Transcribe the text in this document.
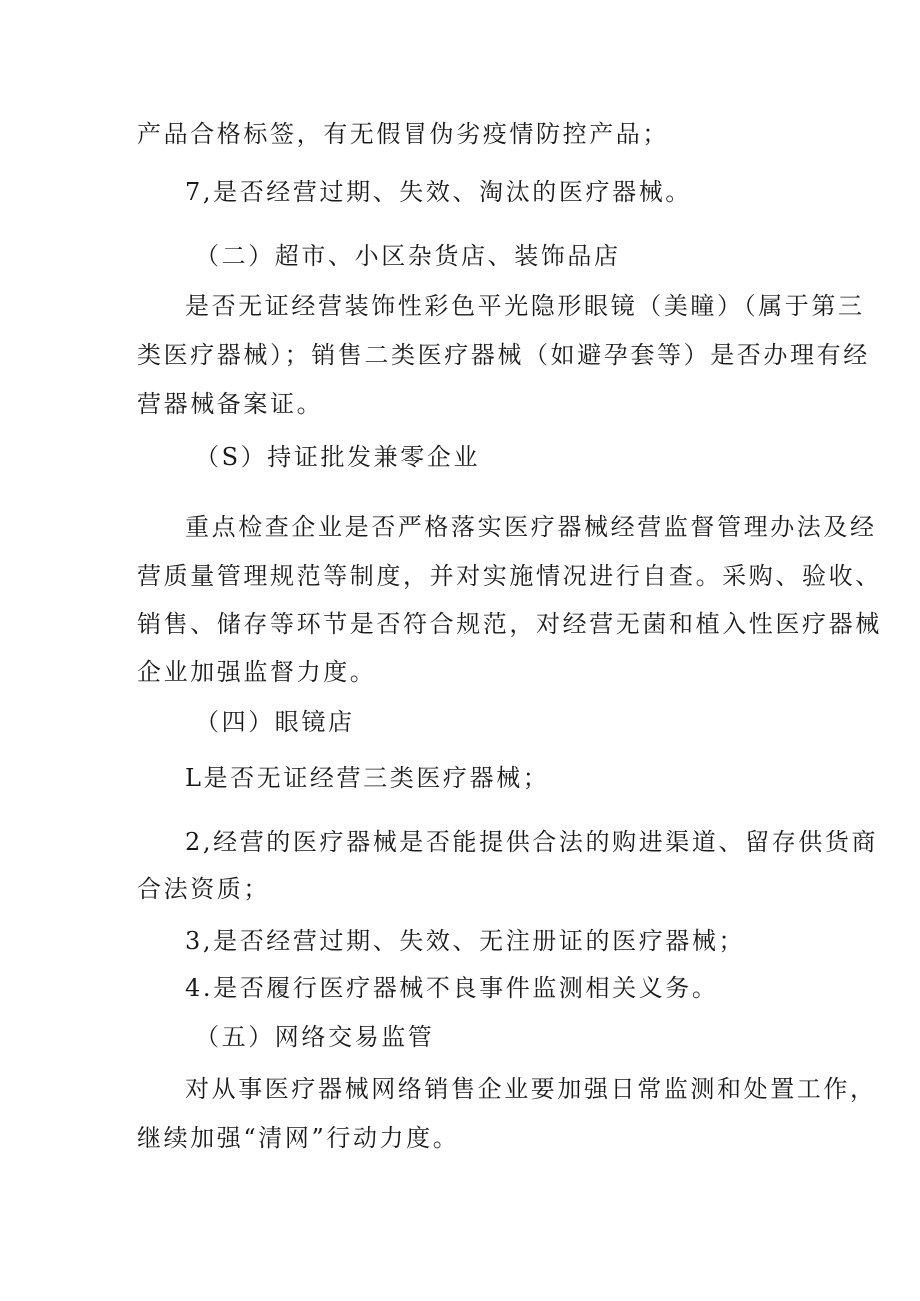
产品合格标签，有无假冒伪劣疫情防控产品；
7,是否经营过期、失效、淘汰的医疗器械。
（二）超市、小区杂货店、装饰品店
是否无证经营装饰性彩色平光隐形眼镜（美瞳）（属于第三
类医疗器械）；销售二类医疗器械（如避孕套等）是否办理有经
营器械备案证。
（S）持证批发兼零企业
重点检查企业是否严格落实医疗器械经营监督管理办法及经
营质量管理规范等制度，并对实施情况进行自查。采购、验收、
销售、储存等环节是否符合规范，对经营无菌和植入性医疗器械
企业加强监督力度。
（四）眼镜店
L是否无证经营三类医疗器械；
2,经营的医疗器械是否能提供合法的购进渠道、留存供货商
合法资质；
3,是否经营过期、失效、无注册证的医疗器械；
4.是否履行医疗器械不良事件监测相关义务。
（五）网络交易监管
对从事医疗器械网络销售企业要加强日常监测和处置工作，
继续加强“清网”行动力度。
